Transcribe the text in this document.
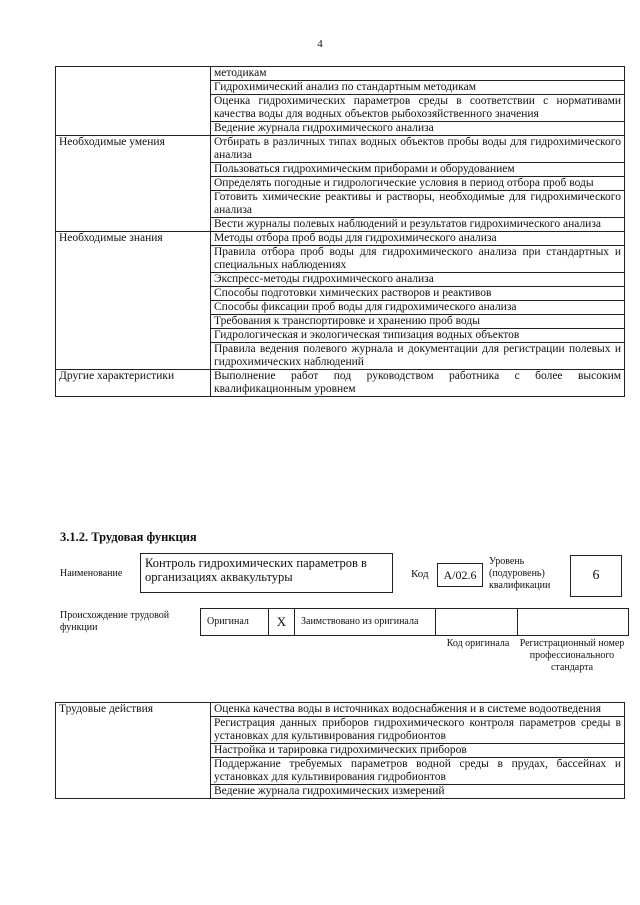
4
	методикам
	Гидрохимический анализ по стандартным методикам
	Оценка гидрохимических параметров среды в соответствии с нормативами качества воды для водных объектов рыбохозяйственного значения
	Ведение журнала гидрохимического анализа
Необходимые умения	Отбирать в различных типах водных объектов пробы воды для гидрохимического анализа
	Пользоваться гидрохимическим приборами и оборудованием
	Определять погодные и гидрологические условия в период отбора проб воды
	Готовить химические реактивы и растворы, необходимые для гидрохимического анализа
	Вести журналы полевых наблюдений и результатов гидрохимического анализа
Необходимые знания	Методы отбора проб воды для гидрохимического анализа
	Правила отбора проб воды для гидрохимического анализа при стандартных и специальных наблюдениях
	Экспресс-методы гидрохимического анализа
	Способы подготовки химических растворов и реактивов
	Способы фиксации проб воды для гидрохимического анализа
	Требования к транспортировке и хранению проб воды
	Гидрологическая и экологическая типизация водных объектов
	Правила ведения полевого журнала и документации для регистрации полевых и гидрохимических наблюдений
Другие характеристики	Выполнение работ под руководством работника с более высоким квалификационным уровнем
3.1.2. Трудовая функция
Наименование
Контроль гидрохимических параметров в организациях аквакультуры	Код	А/02.6
Уровень (подуровень) квалификации
6
Происхождение трудовой функции
Оригинал	X	Заимствовано из оригинала
Код оригинала	Регистрационный номер профессионального стандарта
Трудовые действия	Оценка качества воды в источниках водоснабжения и в системе водоотведения
Регистрация данных приборов гидрохимического контроля параметров среды в установках для культивирования гидробионтов
Настройка и тарировка гидрохимических приборов
Поддержание требуемых параметров водной среды в прудах, бассейнах и установках для культивирования гидробионтов
Ведение журнала гидрохимических измерений
